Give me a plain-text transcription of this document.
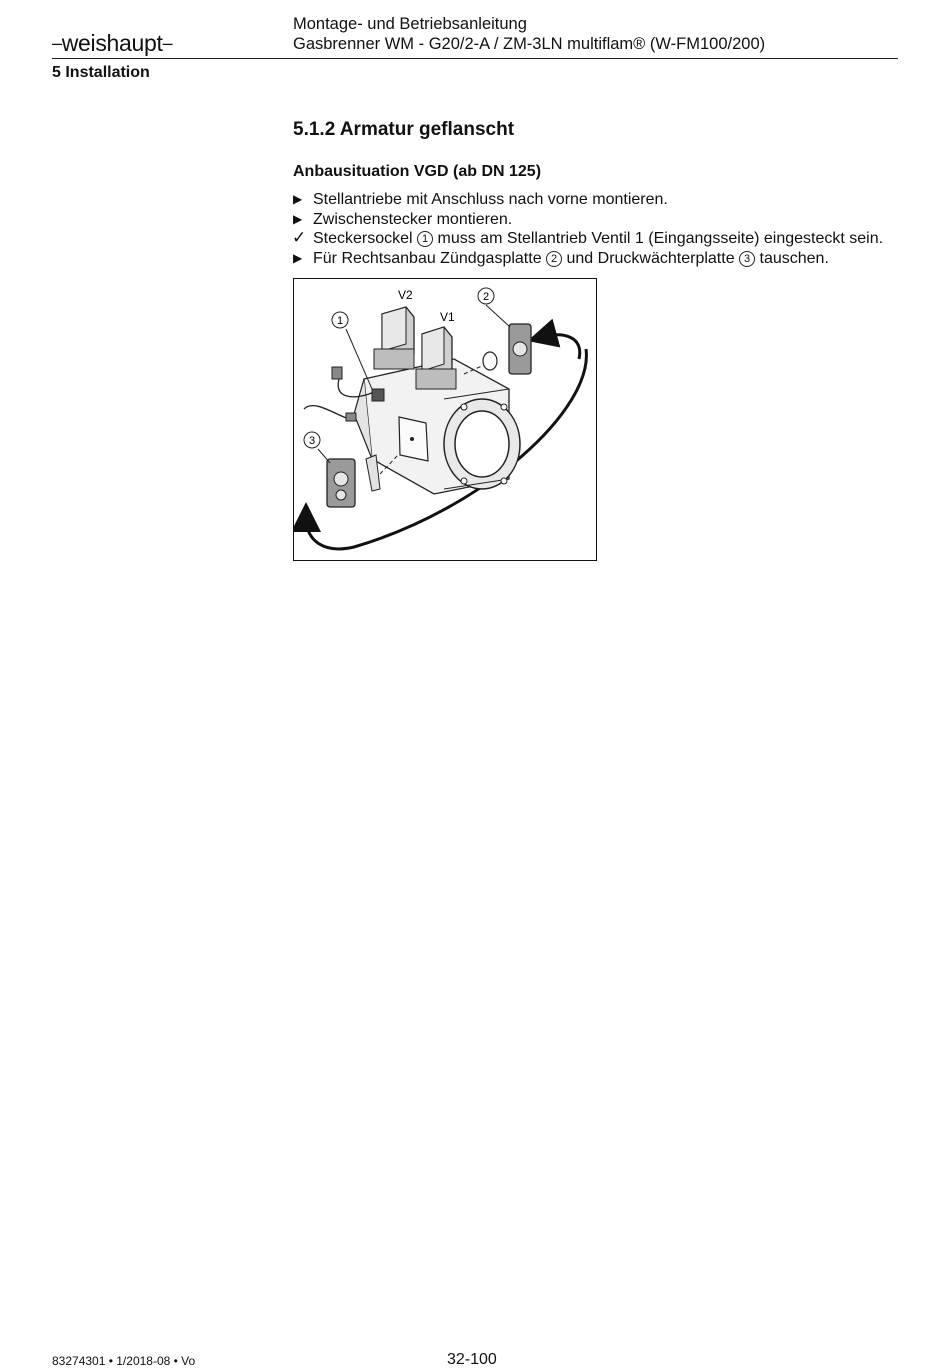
–weishaupt–
Montage- und Betriebsanleitung
Gasbrenner WM - G20/2-A / ZM-3LN multiflam® (W-FM100/200)
5 Installation
5.1.2 Armatur geflanscht
Anbausituation VGD (ab DN 125)
▶ Stellantriebe mit Anschluss nach vorne montieren.
▶ Zwischenstecker montieren.
✓ Steckersockel 1 muss am Stellantrieb Ventil 1 (Eingangsseite) eingesteckt sein.
▶ Für Rechtsanbau Zündgasplatte 2 und Druckwächterplatte 3 tauschen.
1
2
3
V2
V1
83274301 • 1/2018-08 • Vo	32-100
